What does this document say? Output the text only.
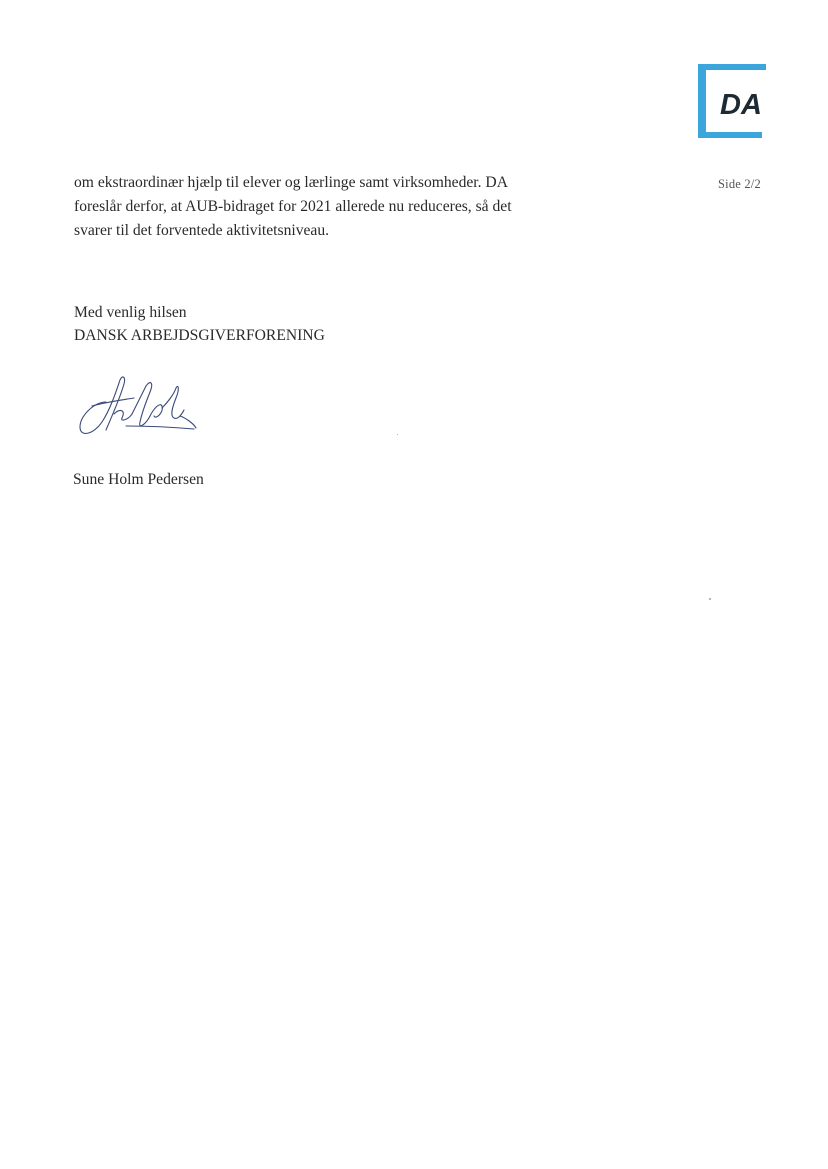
DA
Side 2/2

om ekstraordinær hjælp til elever og lærlinge samt virksomheder. DA

foreslår derfor, at AUB-bidraget for 2021 allerede nu reduceres, så det

svarer til det forventede aktivitetsniveau.

Med venlig hilsen
DANSK ARBEJDSGIVERFORENING
Sune Holm Pedersen
